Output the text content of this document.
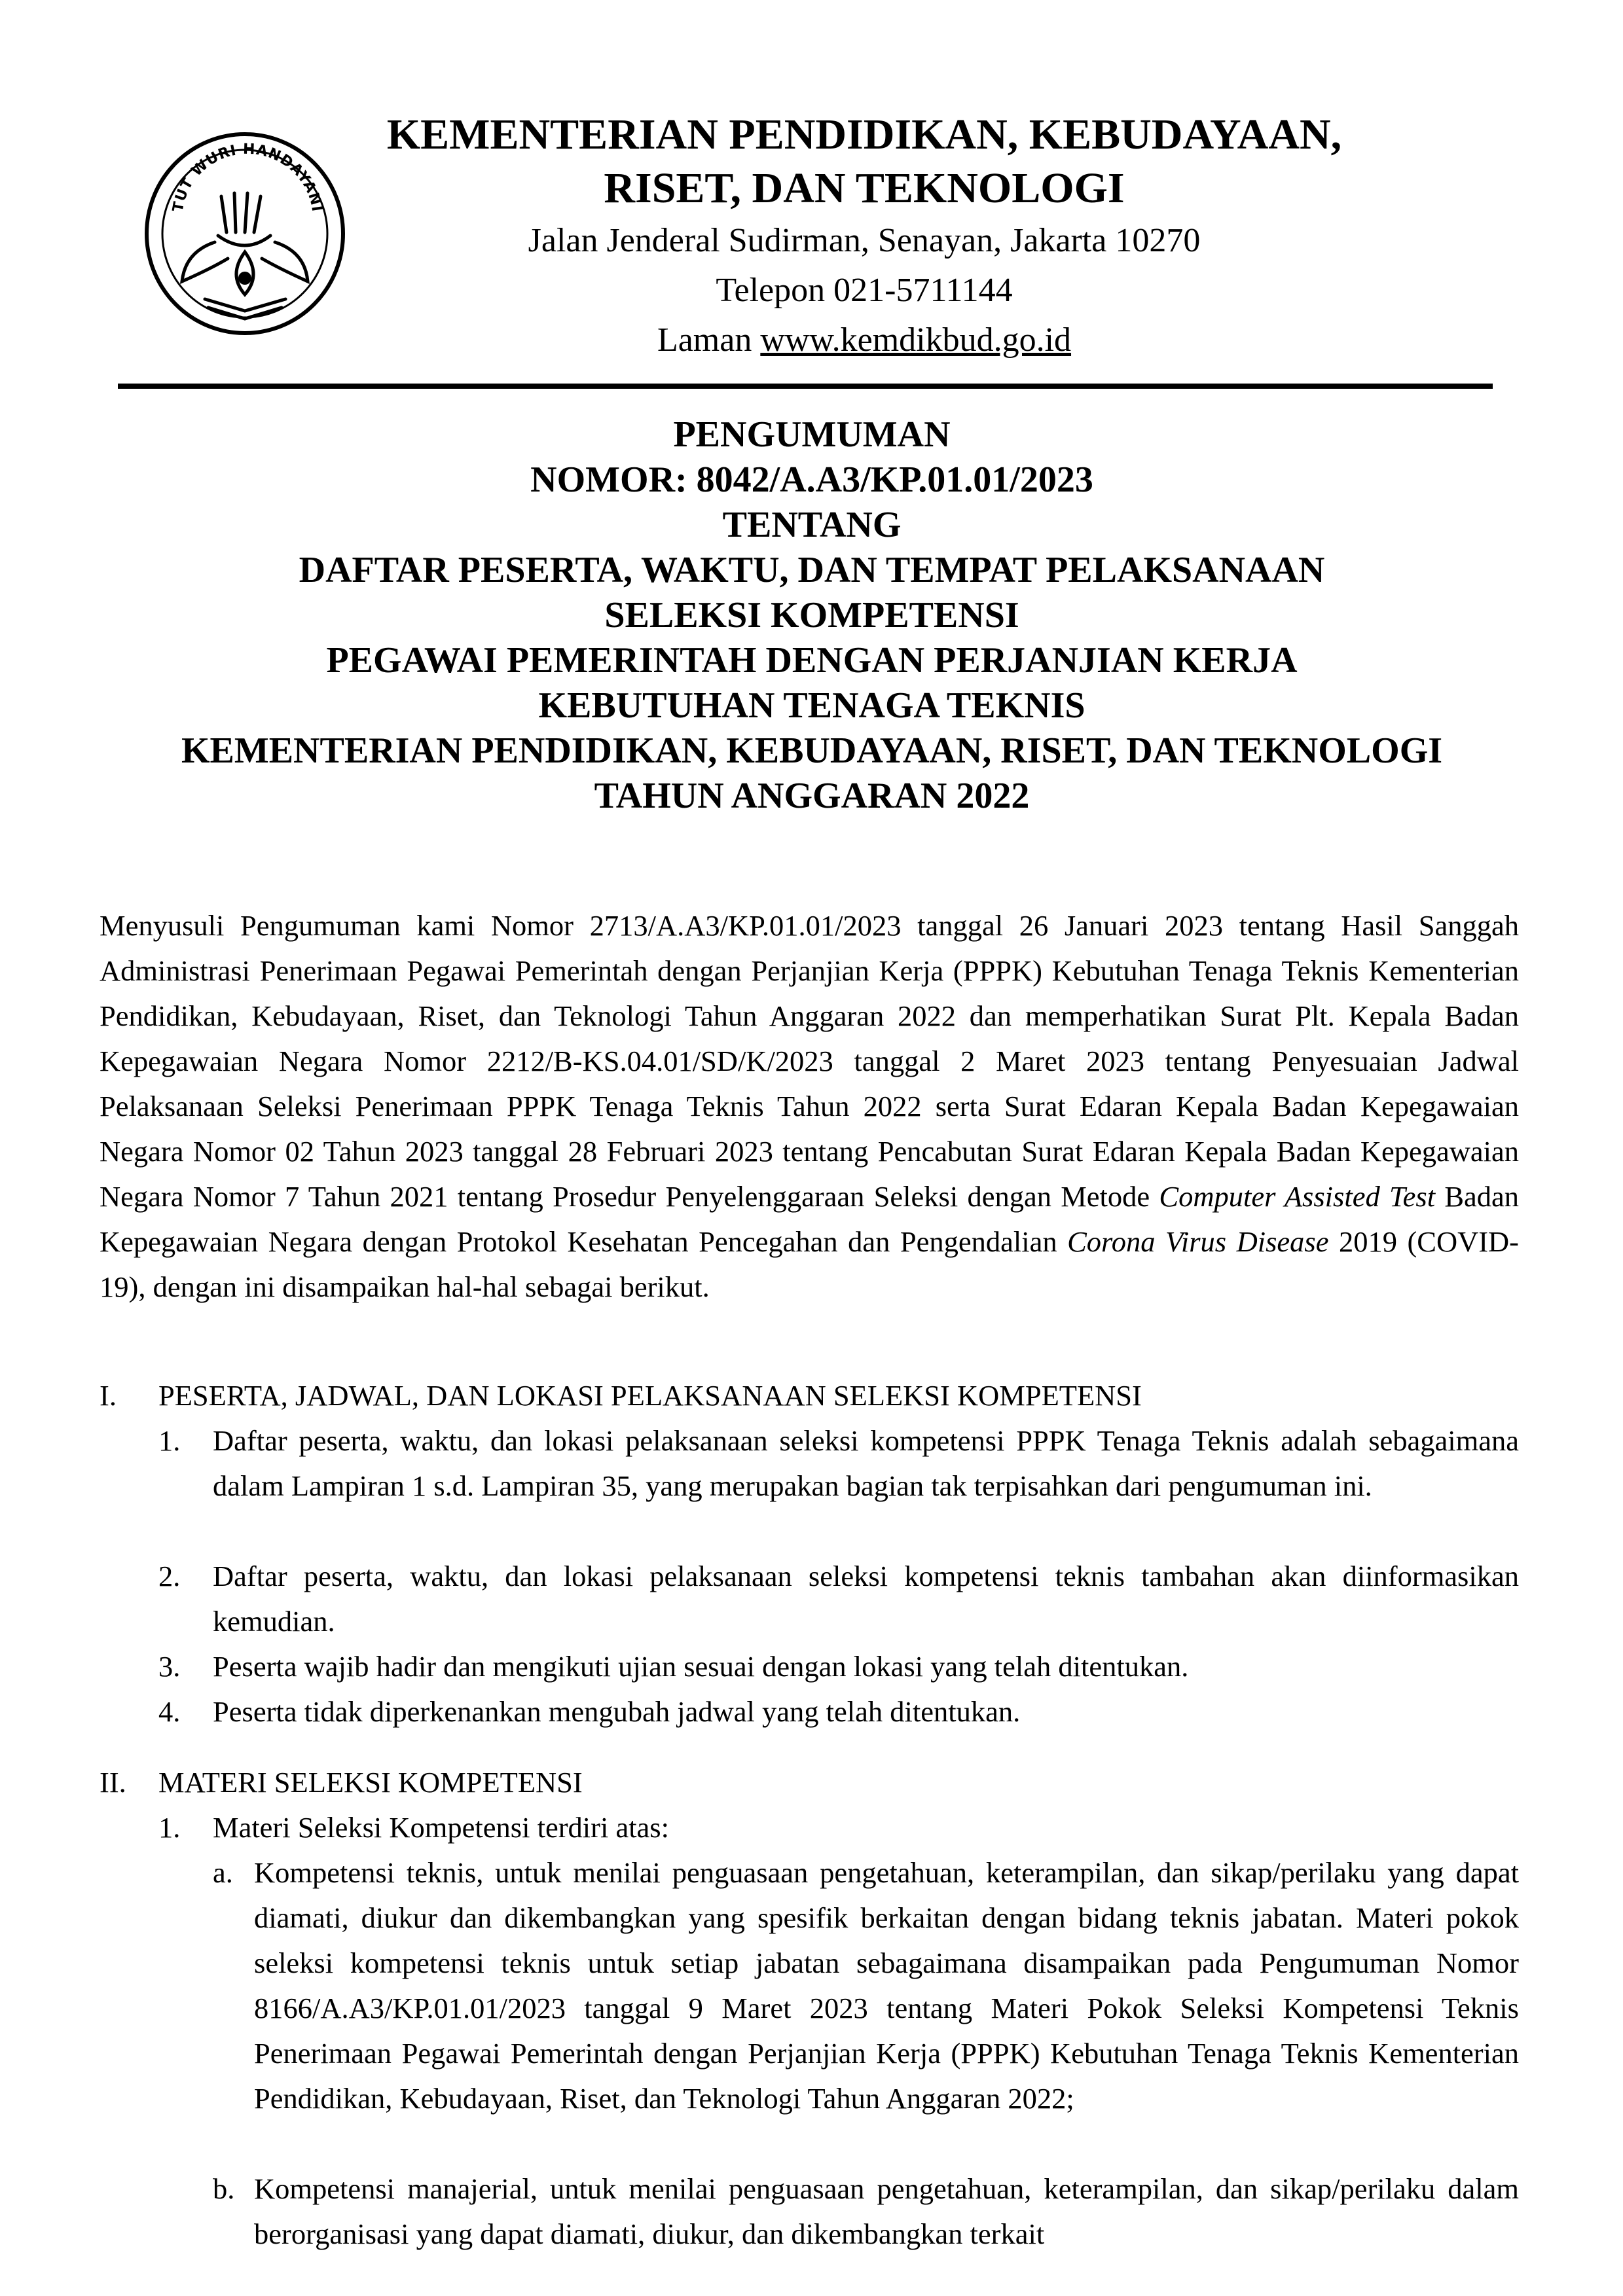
TUT WURI HANDAYANI
KEMENTERIAN PENDIDIKAN, KEBUDAYAAN,
RISET, DAN TEKNOLOGI
Jalan Jenderal Sudirman, Senayan, Jakarta 10270
Telepon 021-5711144
Laman www.kemdikbud.go.id
PENGUMUMAN
NOMOR: 8042/A.A3/KP.01.01/2023
TENTANG
DAFTAR PESERTA, WAKTU, DAN TEMPAT PELAKSANAAN
SELEKSI KOMPETENSI
PEGAWAI PEMERINTAH DENGAN PERJANJIAN KERJA
KEBUTUHAN TENAGA TEKNIS
KEMENTERIAN PENDIDIKAN, KEBUDAYAAN, RISET, DAN TEKNOLOGI
TAHUN ANGGARAN 2022

Menyusuli Pengumuman kami Nomor 2713/A.A3/KP.01.01/2023 tanggal 26 Januari 2023 tentang Hasil Sanggah Administrasi Penerimaan Pegawai Pemerintah dengan Perjanjian Kerja (PPPK) Kebutuhan Tenaga Teknis Kementerian Pendidikan, Kebudayaan, Riset, dan Teknologi Tahun Anggaran 2022 dan memperhatikan Surat Plt. Kepala Badan Kepegawaian Negara Nomor 2212/B-KS.04.01/SD/K/2023 tanggal 2 Maret 2023 tentang Penyesuaian Jadwal Pelaksanaan Seleksi Penerimaan PPPK Tenaga Teknis Tahun 2022 serta Surat Edaran Kepala Badan Kepegawaian Negara Nomor 02 Tahun 2023 tanggal 28 Februari 2023 tentang Pencabutan Surat Edaran Kepala Badan Kepegawaian Negara Nomor 7 Tahun 2021 tentang Prosedur Penyelenggaraan Seleksi dengan Metode Computer Assisted Test Badan Kepegawaian Negara dengan Protokol Kesehatan Pencegahan dan Pengendalian Corona Virus Disease 2019 (COVID-19), dengan ini disampaikan hal-hal sebagai berikut.

I. PESERTA, JADWAL, DAN LOKASI PELAKSANAAN SELEKSI KOMPETENSI
1. Daftar peserta, waktu, dan lokasi pelaksanaan seleksi kompetensi PPPK Tenaga Teknis adalah sebagaimana dalam Lampiran 1 s.d. Lampiran 35, yang merupakan bagian tak terpisahkan dari pengumuman ini.
2. Daftar peserta, waktu, dan lokasi pelaksanaan seleksi kompetensi teknis tambahan akan diinformasikan kemudian.
3. Peserta wajib hadir dan mengikuti ujian sesuai dengan lokasi yang telah ditentukan.
4. Peserta tidak diperkenankan mengubah jadwal yang telah ditentukan.
II. MATERI SELEKSI KOMPETENSI
1. Materi Seleksi Kompetensi terdiri atas:
a. Kompetensi teknis, untuk menilai penguasaan pengetahuan, keterampilan, dan sikap/perilaku yang dapat diamati, diukur dan dikembangkan yang spesifik berkaitan dengan bidang teknis jabatan. Materi pokok seleksi kompetensi teknis untuk setiap jabatan sebagaimana disampaikan pada Pengumuman Nomor 8166/A.A3/KP.01.01/2023 tanggal 9 Maret 2023 tentang Materi Pokok Seleksi Kompetensi Teknis Penerimaan Pegawai Pemerintah dengan Perjanjian Kerja (PPPK) Kebutuhan Tenaga Teknis Kementerian Pendidikan, Kebudayaan, Riset, dan Teknologi Tahun Anggaran 2022;
b. Kompetensi manajerial, untuk menilai penguasaan pengetahuan, keterampilan, dan sikap/perilaku dalam berorganisasi yang dapat diamati, diukur, dan dikembangkan terkait
